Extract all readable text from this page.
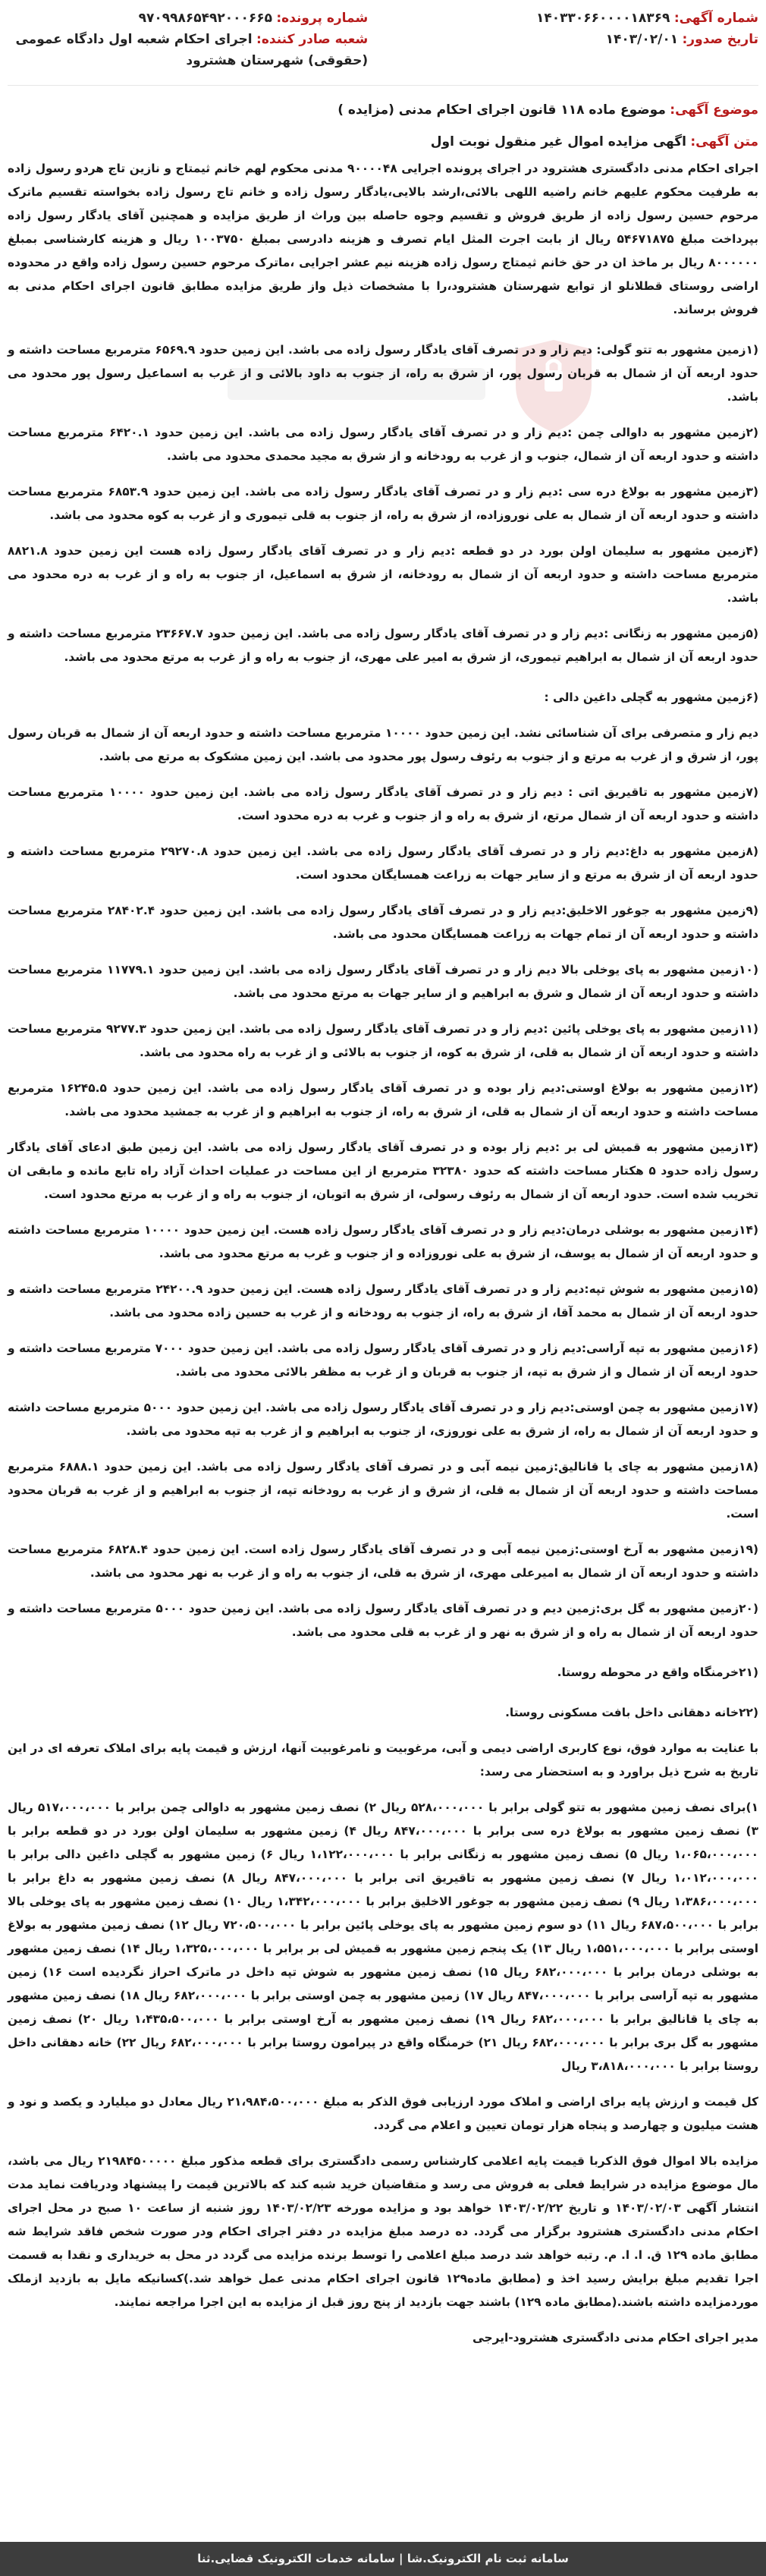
شماره آگهی: ۱۴۰۳۳۰۶۶۰۰۰۰۱۸۳۶۹
تاریخ صدور: ۱۴۰۳/۰۲/۰۱
شماره پرونده: ۹۷۰۹۹۸۶۵۴۹۲۰۰۰۶۶۵
شعبه صادر کننده: اجرای احکام شعبه اول دادگاه عمومی (حقوقی) شهرستان هشترود
موضوع آگهی: موضوع ماده ۱۱۸ قانون اجرای احکام مدنی (مزایده )
متن آگهی: اگهی مزایده اموال غیر منقول نوبت اول

اجرای احکام مدنی دادگستری هشترود در اجرای پرونده اجرایی ۹۰۰۰۰۴۸ مدنی محکوم لهم خانم ثیمتاج و نازین تاج هردو رسول زاده به طرفیت محکوم علیهم خانم راضیه اللهی بالائی،ارشد بالایی،یادگار رسول زاده و خانم تاج رسول زاده بخواسته تقسیم ماترک مرحوم حسین رسول زاده از طریق فروش و تقسیم وجوه حاصله بین وراث از طریق مزایده و همچنین آقای یادگار رسول زاده بپرداخت مبلغ ۵۴۶۷۱۸۷۵ ریال از بابت اجرت المثل ایام تصرف و هزینه دادرسی بمبلغ ۱۰۰۳۷۵۰ ریال و هزینه کارشناسی بمبلغ ۸۰۰۰۰۰۰ ریال بر ماخذ ان در حق خانم ثیمتاج رسول زاده هزینه نیم عشر اجرایی ،ماترک مرحوم حسین رسول زاده واقع در محدوده اراضی روستای قطلانلو از توابع شهرستان هشترود،را با مشخصات ذیل واز طریق مزایده مطابق قانون اجرای احکام مدنی به فروش برساند.

(۱زمین مشهور به تتو گولی: دیم زار و در تصرف آقای یادگار رسول زاده می باشد. این زمین حدود ۶۵۶۹.۹ مترمربع مساحت داشته و حدود اربعه آن از شمال به قربان رسول پور، از شرق به راه، از جنوب به داود بالائی و از غرب به اسماعیل رسول پور محدود می باشد.

(۲زمین مشهور به داوالی چمن :دیم زار و در تصرف آقای یادگار رسول زاده می باشد. این زمین حدود ۶۴۲۰.۱ مترمربع مساحت داشته و حدود اربعه آن از شمال، جنوب و از غرب به رودخانه و از شرق به مجید محمدی محدود می باشد.

(۳زمین مشهور به بولاغ دره سی :دیم زار و در تصرف آقای یادگار رسول زاده می باشد. این زمین حدود ۶۸۵۳.۹ مترمربع مساحت داشته و حدود اربعه آن از شمال به علی نوروزاده، از شرق به راه، از جنوب به قلی تیموری و از غرب به کوه محدود می باشد.

(۴زمین مشهور به سلیمان اولن بورد در دو قطعه :دیم زار و در تصرف آقای یادگار رسول زاده هست این زمین حدود ۸۸۲۱.۸ مترمربع مساحت داشته و حدود اربعه آن از شمال به رودخانه، از شرق به اسماعیل، از جنوب به راه و از غرب به دره محدود می باشد.

(۵زمین مشهور به زنگانی :دیم زار و در تصرف آقای یادگار رسول زاده می باشد. این زمین حدود ۲۳۶۶۷.۷ مترمربع مساحت داشته و حدود اربعه آن از شمال به ابراهیم تیموری، از شرق به امیر علی مهری، از جنوب به راه و از غرب به مرتع محدود می باشد.

(۶زمین مشهور به گچلی داغین دالی :

دیم زار و متصرفی برای آن شناسائی نشد. این زمین حدود ۱۰۰۰۰ مترمربع مساحت داشته و حدود اربعه آن از شمال به قربان رسول پور، از شرق و از غرب به مرتع و از جنوب به رئوف رسول پور محدود می باشد. این زمین مشکوک به مرتع می باشد.

(۷زمین مشهور به تاقیریق اتی : دیم زار و در تصرف آقای یادگار رسول زاده می باشد. این زمین حدود ۱۰۰۰۰ مترمربع مساحت داشته و حدود اربعه آن از شمال مرتع، از شرق به راه و از جنوب و غرب به دره محدود است.

(۸زمین مشهور به داغ:دیم زار و در تصرف آقای یادگار رسول زاده می باشد. این زمین حدود ۲۹۲۷۰.۸ مترمربع مساحت داشته و حدود اربعه آن از شرق به مرتع و از سایر جهات به زراعت همسایگان محدود است.

(۹زمین مشهور به جوغور الاخلیق:دیم زار و در تصرف آقای یادگار رسول زاده می باشد. این زمین حدود ۲۸۴۰۲.۴ مترمربع مساحت داشته و حدود اربعه آن از تمام جهات به زراعت همسایگان محدود می باشد.

(۱۰زمین مشهور به پای یوخلی بالا دیم زار و در تصرف آقای یادگار رسول زاده می باشد. این زمین حدود ۱۱۷۷۹.۱ مترمربع مساحت داشته و حدود اربعه آن از شمال و شرق به ابراهیم و از سایر جهات به مرتع محدود می باشد.

(۱۱زمین مشهور به پای یوخلی پائین :دیم زار و در تصرف آقای یادگار رسول زاده می باشد. این زمین حدود ۹۲۷۷.۳ مترمربع مساحت داشته و حدود اربعه آن از شمال به قلی، از شرق به کوه، از جنوب به بالائی و از غرب به راه محدود می باشد.

(۱۲زمین مشهور به بولاغ اوستی:دیم زار بوده و در تصرف آقای یادگار رسول زاده می باشد. این زمین حدود ۱۶۲۴۵.۵ مترمربع مساحت داشته و حدود اربعه آن از شمال به قلی، از شرق به راه، از جنوب به ابراهیم و از غرب به جمشید محدود می باشد.

(۱۳زمین مشهور به قمیش لی بر :دیم زار بوده و در تصرف آقای یادگار رسول زاده می باشد. این زمین طبق ادعای آقای یادگار رسول زاده حدود ۵ هکتار مساحت داشته که حدود ۳۲۳۸۰ مترمربع از این مساحت در عملیات احداث آزاد راه تابع مانده و مابقی ان تخریب شده است. حدود اربعه آن از شمال به رئوف رسولی، از شرق به اتوبان، از جنوب به راه و از غرب به مرتع محدود است.

(۱۴زمین مشهور به بوشلی درمان:دیم زار و در تصرف آقای یادگار رسول زاده هست. این زمین حدود ۱۰۰۰۰ مترمربع مساحت داشته و حدود اربعه آن از شمال به یوسف، از شرق به علی نوروزاده و از جنوب و غرب به مرتع محدود می باشد.

(۱۵زمین مشهور به شوش تپه:دیم زار و در تصرف آقای یادگار رسول زاده هست. این زمین حدود ۲۴۲۰۰.۹ مترمربع مساحت داشته و حدود اربعه آن از شمال به محمد آقا، از شرق به راه، از جنوب به رودخانه و از غرب به حسین زاده محدود می باشد.

(۱۶زمین مشهور به تپه آراسی:دیم زار و در تصرف آقای یادگار رسول زاده می باشد. این زمین حدود ۷۰۰۰ مترمربع مساحت داشته و حدود اربعه آن از شمال و از شرق به تپه، از جنوب به قربان و از غرب به مظفر بالائی محدود می باشد.

(۱۷زمین مشهور به چمن اوستی:دیم زار و در تصرف آقای یادگار رسول زاده می باشد. این زمین حدود ۵۰۰۰ مترمربع مساحت داشته و حدود اربعه آن از شمال به راه، از شرق به علی نوروزی، از جنوب به ابراهیم و از غرب به تپه محدود می باشد.

(۱۸زمین مشهور به چای یا قانالیق:زمین نیمه آبی و در تصرف آقای یادگار رسول زاده می باشد. این زمین حدود ۶۸۸۸.۱ مترمربع مساحت داشته و حدود اربعه آن از شمال به قلی، از شرق و از غرب به رودخانه تپه، از جنوب به ابراهیم و از غرب به قربان محدود است.

(۱۹زمین مشهور به آرخ اوستی:زمین نیمه آبی و در تصرف آقای یادگار رسول زاده است. این زمین حدود ۶۸۲۸.۴ مترمربع مساحت داشته و حدود اربعه آن از شمال به امیرعلی مهری، از شرق به قلی، از جنوب به راه و از غرب به نهر محدود می باشد.

(۲۰زمین مشهور به گل بری:زمین دیم و در تصرف آقای یادگار رسول زاده می باشد. این زمین حدود ۵۰۰۰ مترمربع مساحت داشته و حدود اربعه آن از شمال به راه و از شرق به نهر و از غرب به قلی محدود می باشد.

(۲۱خرمنگاه واقع در محوطه روستا.

(۲۲خانه دهقانی داخل بافت مسکونی روستا.

با عنایت به موارد فوق، نوع کاربری اراضی دیمی و آبی، مرغوبیت و نامرغوبیت آنها، ارزش و قیمت پایه برای املاک تعرفه ای در این تاریخ به شرح ذیل براورد و به استحضار می رسد:

۱)برای نصف زمین مشهور به تتو گولی برابر با ۵۲۸،۰۰۰،۰۰۰ ریال ۲) نصف زمین مشهور به داوالی چمن برابر با ۵۱۷،۰۰۰،۰۰۰ ریال ۳) نصف زمین مشهور به بولاغ دره سی برابر با ۸۴۷،۰۰۰،۰۰۰ ریال ۴) زمین مشهور به سلیمان اولن بورد در دو قطعه برابر با ۱،۰۶۵،۰۰۰،۰۰۰ ریال ۵) نصف زمین مشهور به زنگانی برابر با ۱،۱۲۲،۰۰۰،۰۰۰ ریال ۶) زمین مشهور به گچلی داغین دالی برابر با ۱،۰۱۲،۰۰۰،۰۰۰ ریال ۷) نصف زمین مشهور به تاقیریق اتی برابر با ۸۴۷،۰۰۰،۰۰۰ ریال ۸) نصف زمین مشهور به داغ برابر با ۱،۳۸۶،۰۰۰،۰۰۰ ریال ۹) نصف زمین مشهور به جوغور الاخلیق برابر با ۱،۳۴۲،۰۰۰،۰۰۰ ریال ۱۰) نصف زمین مشهور به پای یوخلی بالا برابر با ۶۸۷،۵۰۰،۰۰۰ ریال ۱۱) دو سوم زمین مشهور به پای یوخلی پائین برابر با ۷۲۰،۵۰۰،۰۰۰ ریال ۱۲) نصف زمین مشهور به بولاغ اوستی برابر با ۱،۵۵۱،۰۰۰،۰۰۰ ریال ۱۳) یک پنجم زمین مشهور به قمیش لی بر برابر با ۱،۳۲۵،۰۰۰،۰۰۰ ریال ۱۴) نصف زمین مشهور به بوشلی درمان برابر با ۶۸۲،۰۰۰،۰۰۰ ریال ۱۵) نصف زمین مشهور به شوش تپه داخل در ماترک احراز نگردیده است ۱۶) زمین مشهور به تپه آراسی برابر با ۸۴۷،۰۰۰،۰۰۰ ریال ۱۷) زمین مشهور به چمن اوستی برابر با ۶۸۲،۰۰۰،۰۰۰ ریال ۱۸) نصف زمین مشهور به چای یا قانالیق برابر با ۶۸۲،۰۰۰،۰۰۰ ریال ۱۹) نصف زمین مشهور به آرخ اوستی برابر با ۱،۴۳۵،۵۰۰،۰۰۰ ریال ۲۰) نصف زمین مشهور به گل بری برابر با ۶۸۲،۰۰۰،۰۰۰ ریال ۲۱) خرمنگاه واقع در پیرامون روستا برابر با ۶۸۲،۰۰۰،۰۰۰ ریال ۲۲) خانه دهقانی داخل روستا برابر با ۳،۸۱۸،۰۰۰،۰۰۰ ریال

کل قیمت و ارزش پایه برای اراضی و املاک مورد ارزیابی فوق الذکر به مبلغ ۲۱،۹۸۴،۵۰۰،۰۰۰ ریال معادل دو میلیارد و یکصد و نود و هشت میلیون و چهارصد و پنجاه هزار تومان تعیین و اعلام می گردد.

مزایده بالا اموال فوق الذکربا قیمت پایه اعلامی کارشناس رسمی دادگستری برای قطعه مذکور مبلغ ۲۱۹۸۴۵۰۰۰۰۰ ریال می باشد، مال موضوع مزایده در شرایط فعلی به فروش می رسد و متقاضیان خرید شبه کند که بالاترین قیمت را پیشنهاد ودریافت نماید مدت انتشار آگهی ۱۴۰۳/۰۲/۰۳ و تاریخ ۱۴۰۳/۰۲/۲۲ خواهد بود و مزایده مورخه ۱۴۰۳/۰۲/۲۳ روز شنبه از ساعت ۱۰ صبح در محل اجرای احکام مدنی دادگستری هشترود برگزار می گردد. ده درصد مبلغ مزایده در دفتر اجرای احکام ودر صورت شخص فاقد شرایط شه مطابق ماده ۱۲۹ ق. ا. ا. م. رتبه خواهد شد درصد مبلغ اعلامی را توسط برنده مزایده می گردد در محل به خریداری و نقدا به قسمت اجرا تقدیم مبلغ برایش رسید اخذ و (مطابق ماده۱۲۹ قانون اجرای احکام مدنی عمل خواهد شد.)کسانیکه مایل به بازدید ازملک موردمزایده داشته باشند.(مطابق ماده ۱۲۹) باشند جهت بازدید از پنج روز قبل از مزایده به این اجرا مراجعه نمایند.

مدیر اجرای احکام مدنی دادگستری هشترود-ایرجی

سامانه ثبت نام الکترونیک.شا | سامانه خدمات الکترونیک قضایی.ثنا
